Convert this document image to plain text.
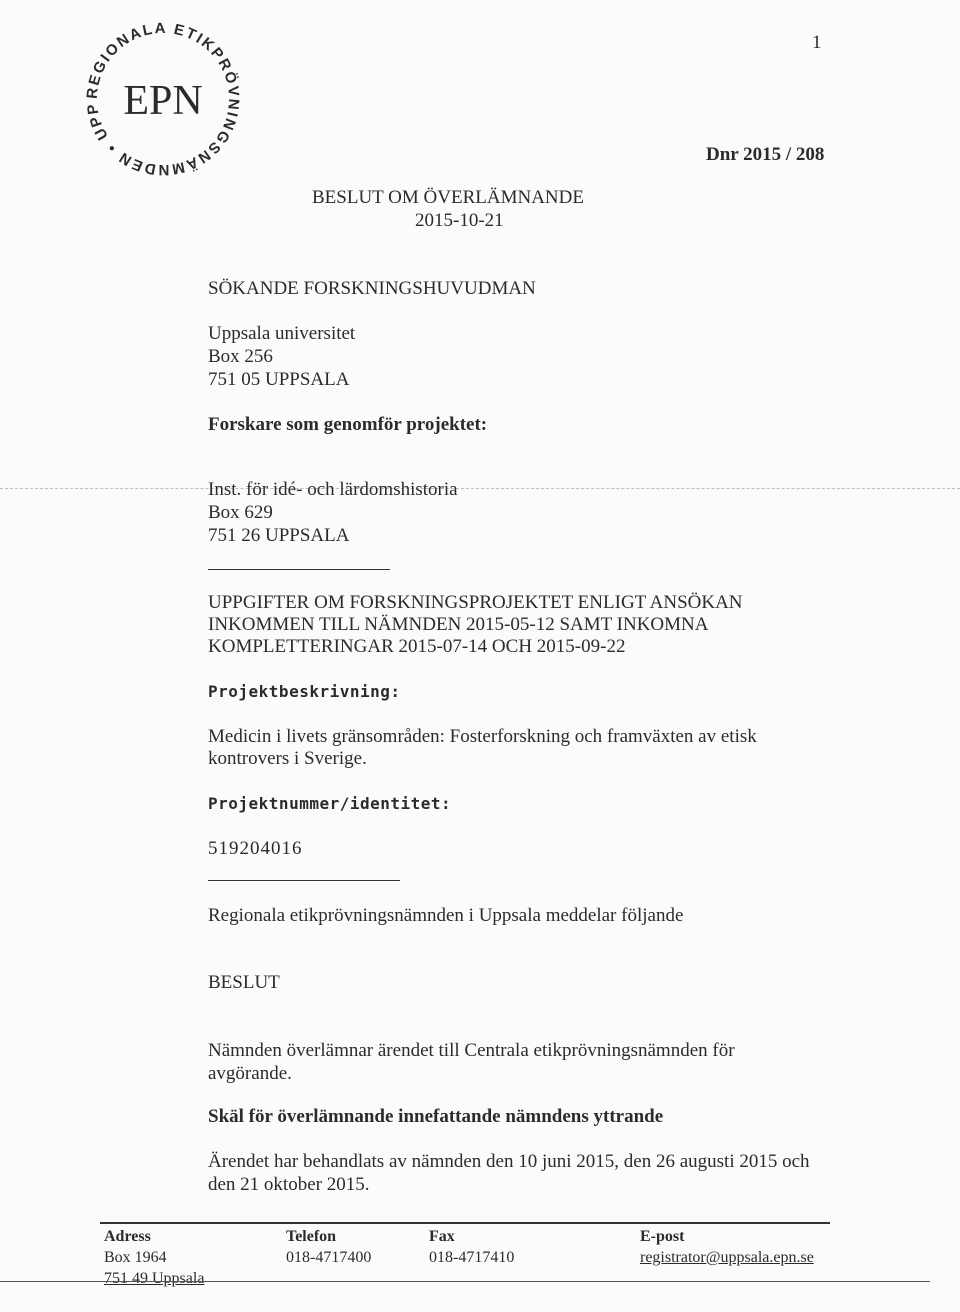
REGIONALA ETIKPRÖVNINGSNÄMNDEN • UPP EPN
1
Dnr 2015 / 208
BESLUT OM ÖVERLÄMNANDE
2015-10-21
SÖKANDE FORSKNINGSHUVUDMAN
Uppsala universitet
Box 256
751 05 UPPSALA
Forskare som genomför projektet:
Inst. för idé- och lärdomshistoria
Box 629
751 26 UPPSALA
UPPGIFTER OM FORSKNINGSPROJEKTET ENLIGT ANSÖKAN
INKOMMEN TILL NÄMNDEN 2015-05-12 SAMT INKOMNA
KOMPLETTERINGAR 2015-07-14 OCH 2015-09-22
Projektbeskrivning:
Medicin i livets gränsområden: Fosterforskning och framväxten av etisk
kontrovers i Sverige.
Projektnummer/identitet:
519204016
Regionala etikprövningsnämnden i Uppsala meddelar följande
BESLUT
Nämnden överlämnar ärendet till Centrala etikprövningsnämnden för
avgörande.
Skäl för överlämnande innefattande nämndens yttrande
Ärendet har behandlats av nämnden den 10 juni 2015, den 26 augusti 2015 och
den 21 oktober 2015.
Adress
Box 1964
751 49 Uppsala
Telefon
018-4717400
Fax
018-4717410
E-post
registrator@uppsala.epn.se
